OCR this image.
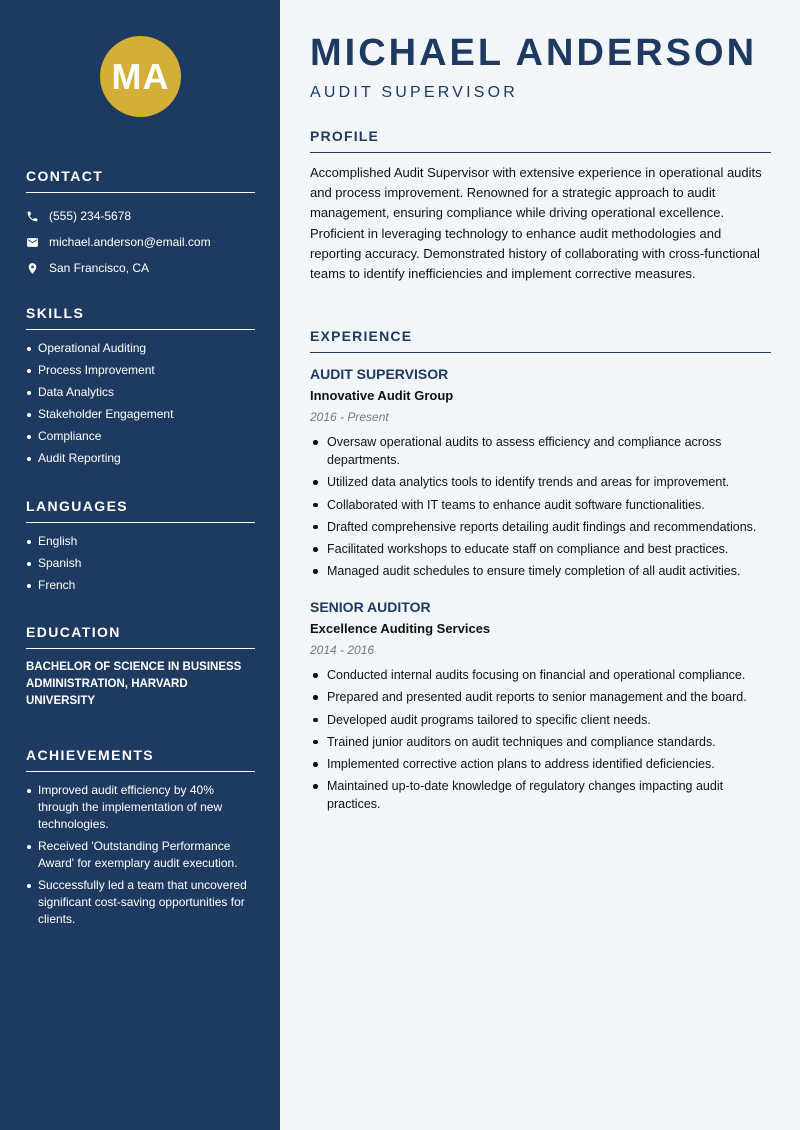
MA
CONTACT
(555) 234-5678
michael.anderson@email.com
San Francisco, CA
SKILLS
Operational Auditing
Process Improvement
Data Analytics
Stakeholder Engagement
Compliance
Audit Reporting
LANGUAGES
English
Spanish
French
EDUCATION
BACHELOR OF SCIENCE IN BUSINESS ADMINISTRATION, HARVARD UNIVERSITY
ACHIEVEMENTS
Improved audit efficiency by 40% through the implementation of new technologies.
Received 'Outstanding Performance Award' for exemplary audit execution.
Successfully led a team that uncovered significant cost-saving opportunities for clients.
MICHAEL ANDERSON
AUDIT SUPERVISOR
PROFILE
Accomplished Audit Supervisor with extensive experience in operational audits and process improvement. Renowned for a strategic approach to audit management, ensuring compliance while driving operational excellence. Proficient in leveraging technology to enhance audit methodologies and reporting accuracy. Demonstrated history of collaborating with cross-functional teams to identify inefficiencies and implement corrective measures.
EXPERIENCE
AUDIT SUPERVISOR
Innovative Audit Group
2016 - Present
Oversaw operational audits to assess efficiency and compliance across departments.
Utilized data analytics tools to identify trends and areas for improvement.
Collaborated with IT teams to enhance audit software functionalities.
Drafted comprehensive reports detailing audit findings and recommendations.
Facilitated workshops to educate staff on compliance and best practices.
Managed audit schedules to ensure timely completion of all audit activities.
SENIOR AUDITOR
Excellence Auditing Services
2014 - 2016
Conducted internal audits focusing on financial and operational compliance.
Prepared and presented audit reports to senior management and the board.
Developed audit programs tailored to specific client needs.
Trained junior auditors on audit techniques and compliance standards.
Implemented corrective action plans to address identified deficiencies.
Maintained up-to-date knowledge of regulatory changes impacting audit practices.
